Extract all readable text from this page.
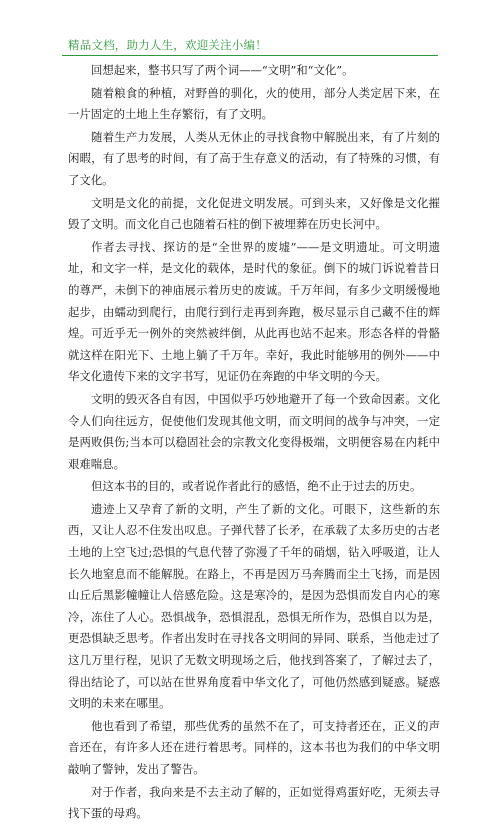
精品文档，助力人生，欢迎关注小编！

回想起来，整书只写了两个词——“文明”和“文化”。

随着粮食的种植，对野兽的驯化，火的使用，部分人类定居下来，在一片固定的土地上生存繁衍，有了文明。

随着生产力发展，人类从无休止的寻找食物中解脱出来，有了片刻的闲暇，有了思考的时间，有了高于生存意义的活动，有了特殊的习惯，有了文化。

文明是文化的前提，文化促进文明发展。可到头来，又好像是文化摧毁了文明。而文化自己也随着石柱的倒下被埋葬在历史长河中。

作者去寻找、探访的是“全世界的废墟”——是文明遗址。可文明遗址，和文字一样，是文化的载体，是时代的象征。倒下的城门诉说着昔日的尊严，未倒下的神庙展示着历史的废诚。千万年间，有多少文明缓慢地起步，由蠕动到爬行，由爬行到行走再到奔跑，极尽显示自己藏不住的辉煌。可近乎无一例外的突然被绊倒，从此再也站不起来。形态各样的骨骼就这样在阳光下、土地上躺了千万年。幸好，我此时能够用的例外——中华文化遗传下来的文字书写，见证仍在奔跑的中华文明的今天。

文明的毁灭各自有因，中国似乎巧妙地避开了每一个致命因素。文化令人们向往远方，促使他们发现其他文明，而文明间的战争与冲突，一定是两败俱伤;当本可以稳固社会的宗教文化变得极端，文明便容易在内耗中艰难喘息。

但这本书的目的，或者说作者此行的感悟，绝不止于过去的历史。

遗迹上又孕育了新的文明，产生了新的文化。可眼下，这些新的东西，又让人忍不住发出叹息。子弹代替了长矛，在承载了太多历史的古老土地的上空飞过;恐惧的气息代替了弥漫了千年的硝烟，钻入呼吸道，让人长久地窒息而不能解脱。在路上，不再是因万马奔腾而尘土飞扬，而是因山丘后黑影幢幢让人倍感危险。这是寒冷的，是因为恐惧而发自内心的寒冷，冻住了人心。恐惧战争，恐惧混乱，恐惧无所作为，恐惧自以为是，更恐惧缺乏思考。作者出发时在寻找各文明间的异同、联系，当他走过了这几万里行程，见识了无数文明现场之后，他找到答案了，了解过去了，得出结论了，可以站在世界角度看中华文化了，可他仍然感到疑惑。疑惑文明的未来在哪里。

他也看到了希望，那些优秀的虽然不在了，可支持者还在，正义的声音还在，有许多人还在进行着思考。同样的，这本书也为我们的中华文明敲响了警钟，发出了警告。

对于作者，我向来是不去主动了解的，正如觉得鸡蛋好吃，无须去寻找下蛋的母鸡。
